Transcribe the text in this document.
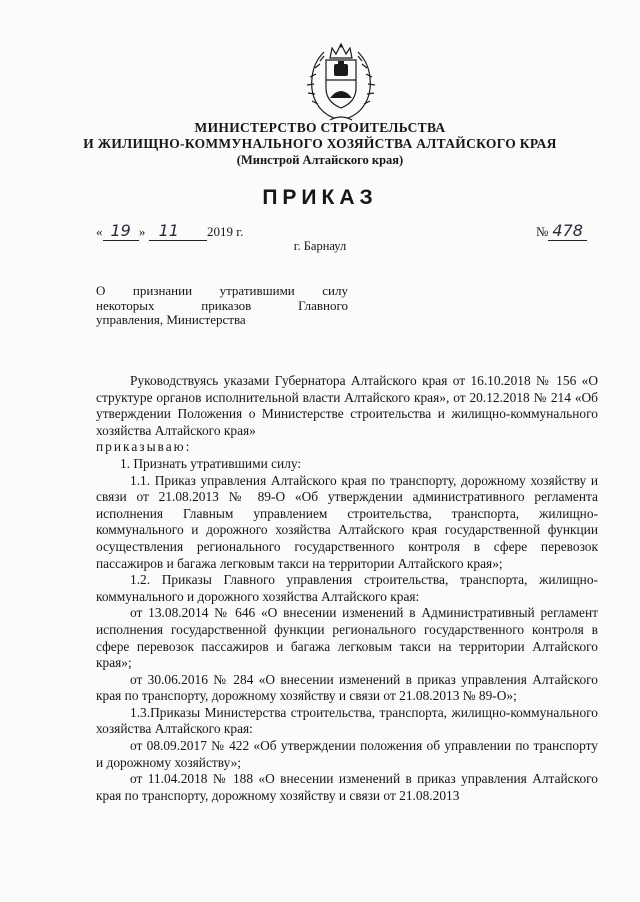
МИНИСТЕРСТВО СТРОИТЕЛЬСТВА
И ЖИЛИЩНО-КОММУНАЛЬНОГО ХОЗЯЙСТВА АЛТАЙСКОГО КРАЯ
(Минстрой Алтайского края)
ПРИКАЗ
« 19 » 11 2019 г.	№ 478
г. Барнаул
О признании утратившими силу
некоторых приказов Главного
управления, Министерства

Руководствуясь указами Губернатора Алтайского края от 16.10.2018 № 156 «О структуре органов исполнительной власти Алтайского края», от 20.12.2018 № 214 «Об утверждении Положения о Министерстве строительства и жилищно-коммунального хозяйства Алтайского края»

приказываю:

1. Признать утратившими силу:

1.1. Приказ управления Алтайского края по транспорту, дорожному хозяйству и связи от 21.08.2013 № 89-О «Об утверждении административного регламента исполнения Главным управлением строительства, транспорта, жилищно-коммунального и дорожного хозяйства Алтайского края государственной функции осуществления регионального государственного контроля в сфере перевозок пассажиров и багажа легковым такси на территории Алтайского края»;

1.2. Приказы Главного управления строительства, транспорта, жилищно-коммунального и дорожного хозяйства Алтайского края:

от 13.08.2014 № 646 «О внесении изменений в Административный регламент исполнения государственной функции регионального государственного контроля в сфере перевозок пассажиров и багажа легковым такси на территории Алтайского края»;

от 30.06.2016 № 284 «О внесении изменений в приказ управления Алтайского края по транспорту, дорожному хозяйству и связи от 21.08.2013 № 89-О»;

1.3.Приказы Министерства строительства, транспорта, жилищно-коммунального хозяйства Алтайского края:

от 08.09.2017 № 422 «Об утверждении положения об управлении по транспорту и дорожному хозяйству»;

от 11.04.2018 № 188 «О внесении изменений в приказ управления Алтайского края по транспорту, дорожному хозяйству и связи от 21.08.2013
